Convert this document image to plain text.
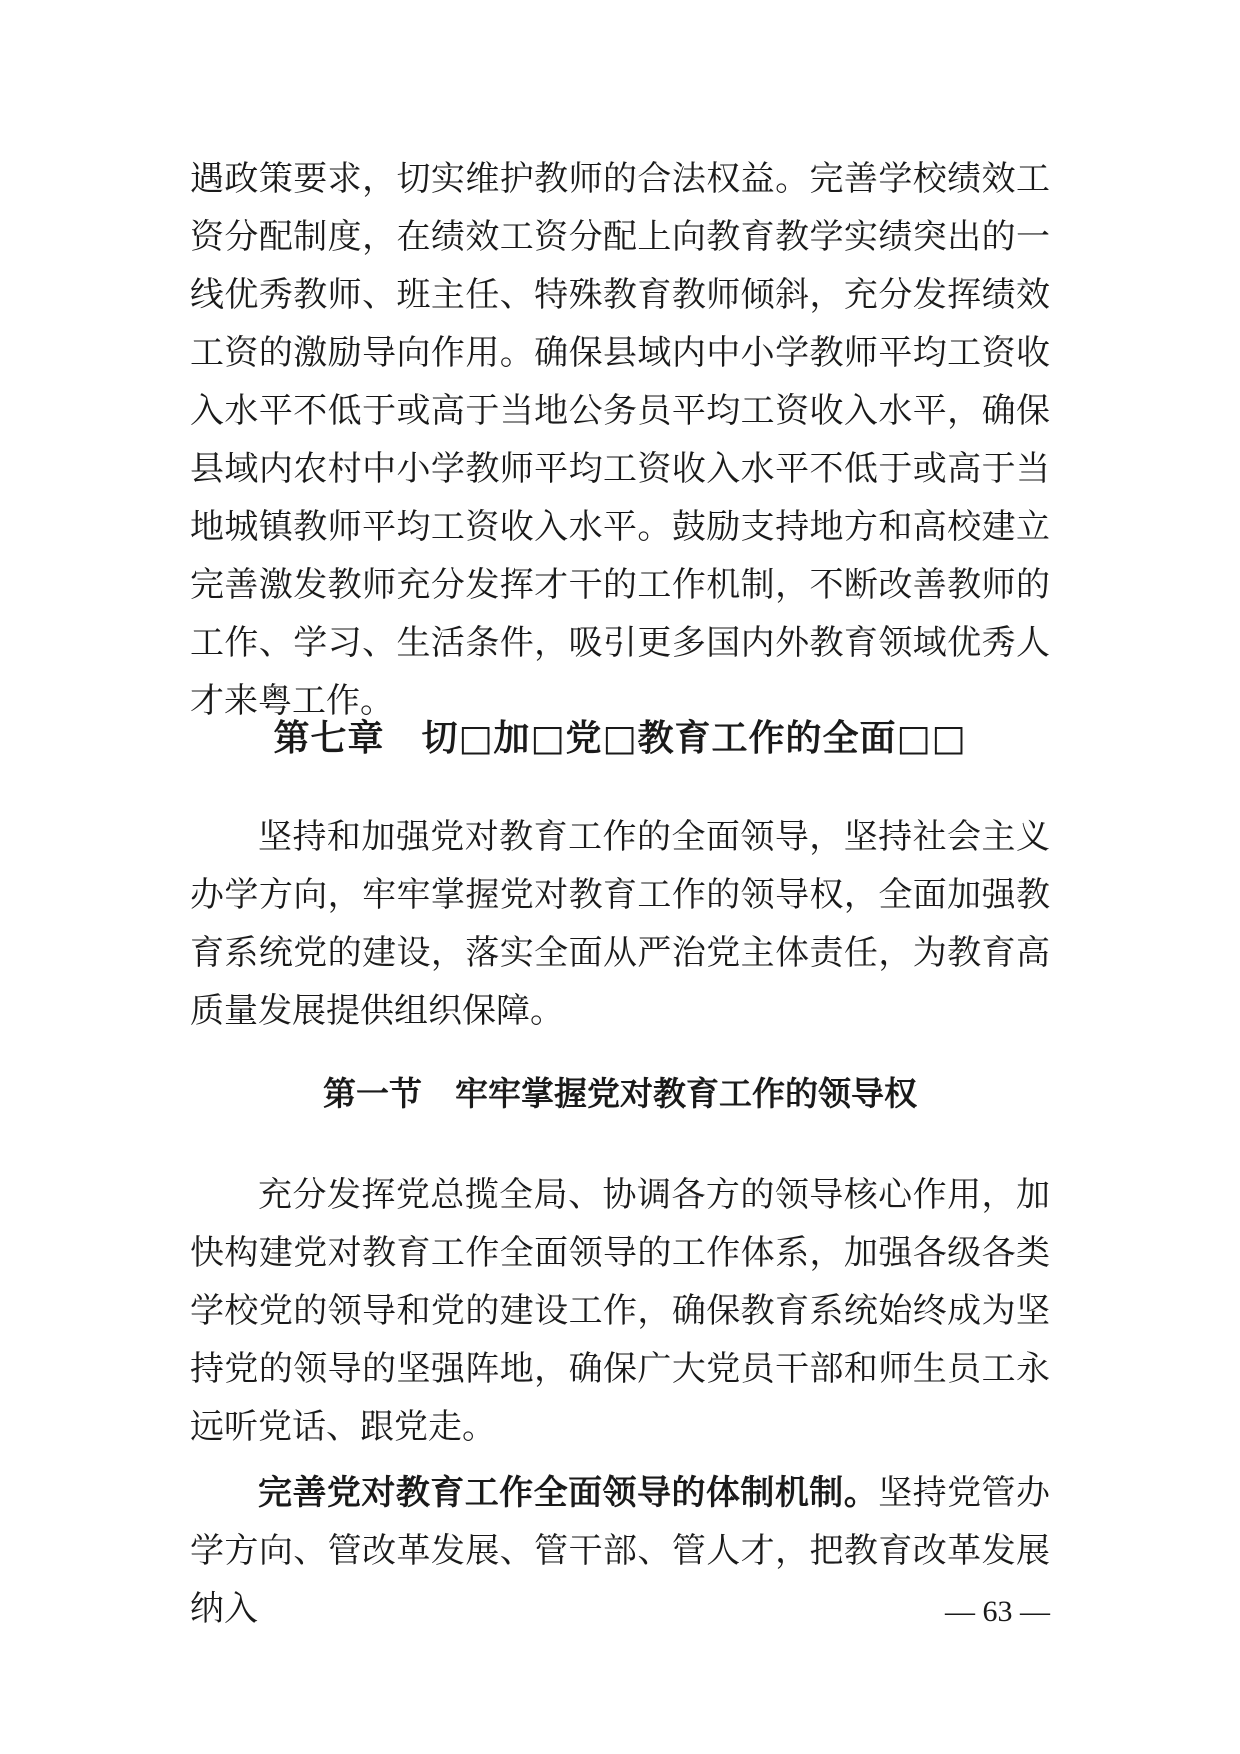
遇政策要求，切实维护教师的合法权益。完善学校绩效工资分配制度，在绩效工资分配上向教育教学实绩突出的一线优秀教师、班主任、特殊教育教师倾斜，充分发挥绩效工资的激励导向作用。确保县域内中小学教师平均工资收入水平不低于或高于当地公务员平均工资收入水平，确保县域内农村中小学教师平均工资收入水平不低于或高于当地城镇教师平均工资收入水平。鼓励支持地方和高校建立完善激发教师充分发挥才干的工作机制，不断改善教师的工作、学习、生活条件，吸引更多国内外教育领域优秀人才来粤工作。

第七章　切□加□党□教育工作的全面□□

坚持和加强党对教育工作的全面领导，坚持社会主义办学方向，牢牢掌握党对教育工作的领导权，全面加强教育系统党的建设，落实全面从严治党主体责任，为教育高质量发展提供组织保障。

第一节　牢牢掌握党对教育工作的领导权

充分发挥党总揽全局、协调各方的领导核心作用，加快构建党对教育工作全面领导的工作体系，加强各级各类学校党的领导和党的建设工作，确保教育系统始终成为坚持党的领导的坚强阵地，确保广大党员干部和师生员工永远听党话、跟党走。

完善党对教育工作全面领导的体制机制。坚持党管办学方向、管改革发展、管干部、管人才，把教育改革发展纳入	— 63 —
